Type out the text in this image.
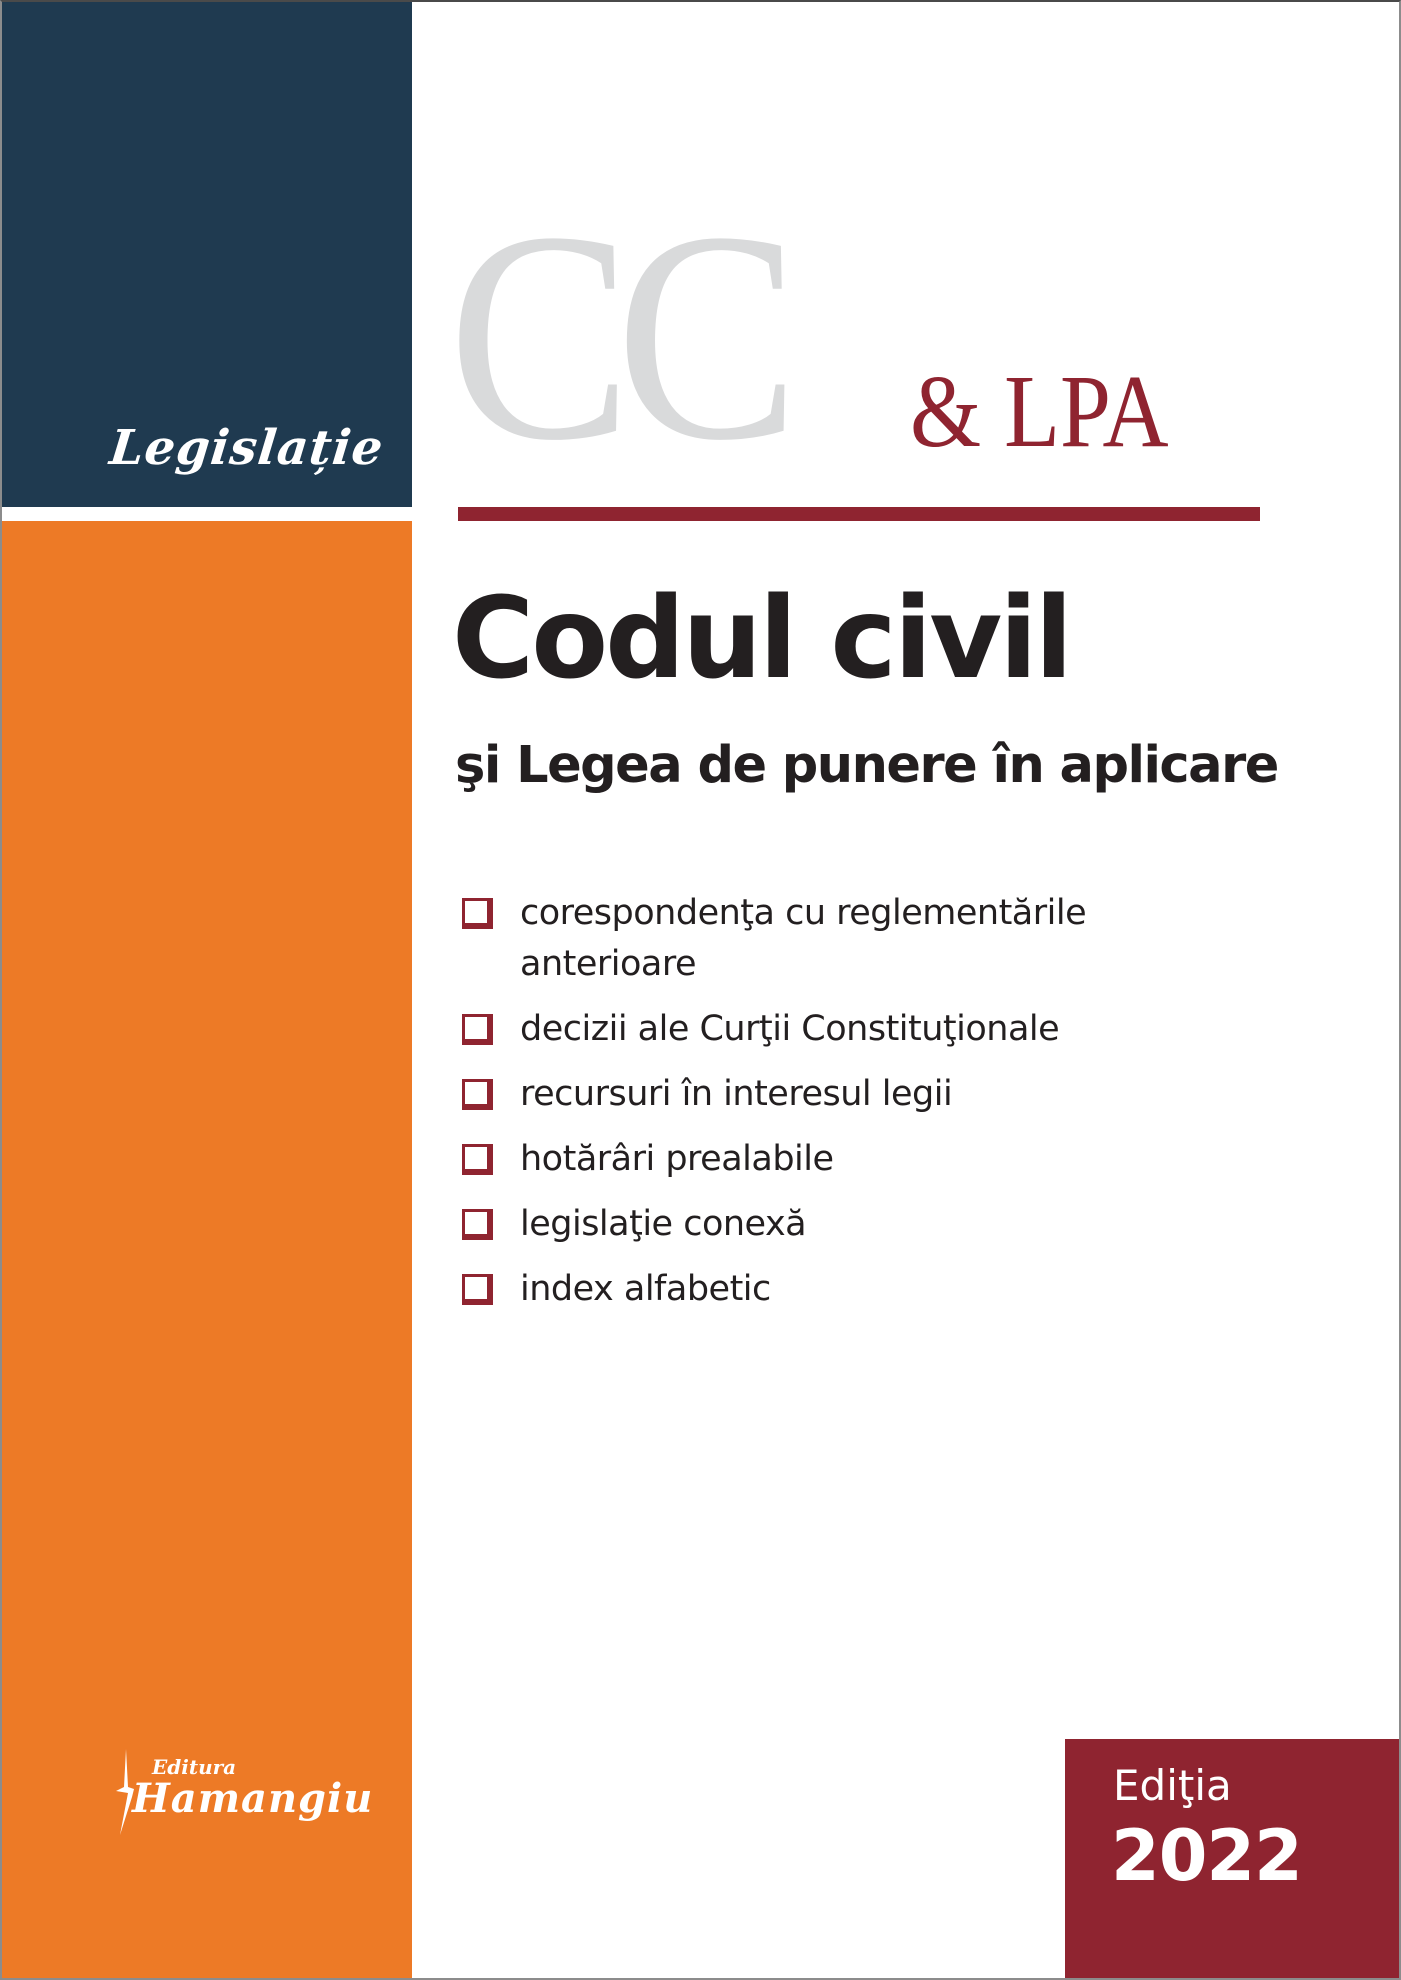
Legislație CC & LPA
Codul civil
şi Legea de punere în aplicare
corespondenţa cu reglementările anterioare
decizii ale Curţii Constituţionale
recursuri în interesul legii
hotărâri prealabile
legislaţie conexă
index alfabetic
Editura
Hamangiu	Ediţia
2022
